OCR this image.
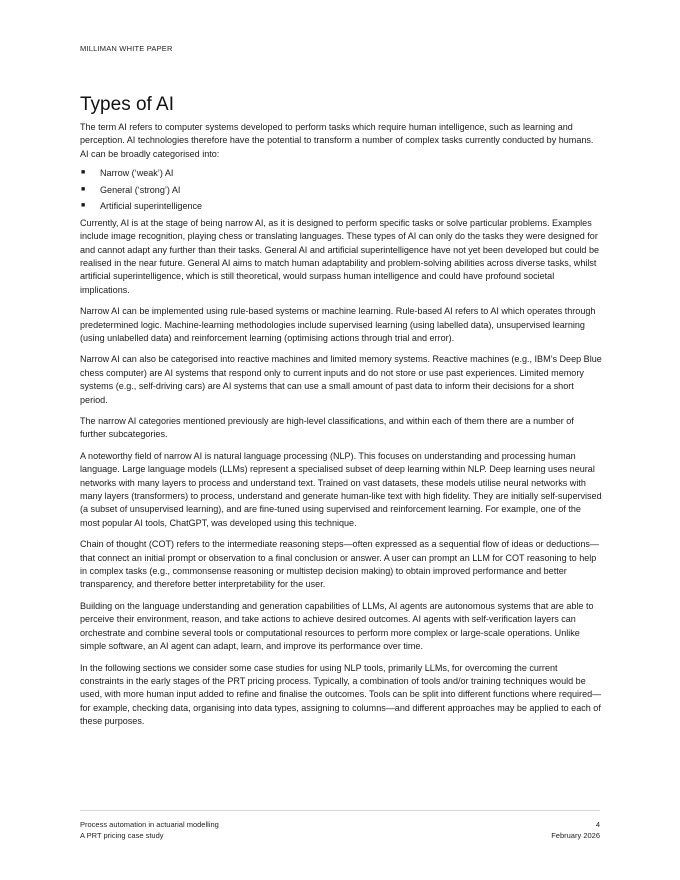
MILLIMAN WHITE PAPER
Types of AI

The term AI refers to computer systems developed to perform tasks which require human intelligence, such as learning and perception. AI technologies therefore have the potential to transform a number of complex tasks currently conducted by humans. AI can be broadly categorised into:

■ Narrow (‘weak’) AI
■ General (‘strong’) AI
■ Artificial superintelligence

Currently, AI is at the stage of being narrow AI, as it is designed to perform specific tasks or solve particular problems. Examples include image recognition, playing chess or translating languages. These types of AI can only do the tasks they were designed for and cannot adapt any further than their tasks. General AI and artificial superintelligence have not yet been developed but could be realised in the near future. General AI aims to match human adaptability and problem-solving abilities across diverse tasks, whilst artificial superintelligence, which is still theoretical, would surpass human intelligence and could have profound societal implications.

Narrow AI can be implemented using rule-based systems or machine learning. Rule-based AI refers to AI which operates through predetermined logic. Machine-learning methodologies include supervised learning (using labelled data), unsupervised learning (using unlabelled data) and reinforcement learning (optimising actions through trial and error).

Narrow AI can also be categorised into reactive machines and limited memory systems. Reactive machines (e.g., IBM’s Deep Blue chess computer) are AI systems that respond only to current inputs and do not store or use past experiences. Limited memory systems (e.g., self-driving cars) are AI systems that can use a small amount of past data to inform their decisions for a short period.

The narrow AI categories mentioned previously are high-level classifications, and within each of them there are a number of further subcategories.

A noteworthy field of narrow AI is natural language processing (NLP). This focuses on understanding and processing human language. Large language models (LLMs) represent a specialised subset of deep learning within NLP. Deep learning uses neural networks with many layers to process and understand text. Trained on vast datasets, these models utilise neural networks with many layers (transformers) to process, understand and generate human-like text with high fidelity. They are initially self-supervised (a subset of unsupervised learning), and are fine-tuned using supervised and reinforcement learning. For example, one of the most popular AI tools, ChatGPT, was developed using this technique.

Chain of thought (COT) refers to the intermediate reasoning steps—often expressed as a sequential flow of ideas or deductions—that connect an initial prompt or observation to a final conclusion or answer. A user can prompt an LLM for COT reasoning to help in complex tasks (e.g., commonsense reasoning or multistep decision making) to obtain improved performance and better transparency, and therefore better interpretability for the user.

Building on the language understanding and generation capabilities of LLMs, AI agents are autonomous systems that are able to perceive their environment, reason, and take actions to achieve desired outcomes. AI agents with self-verification layers can orchestrate and combine several tools or computational resources to perform more complex or large-scale operations. Unlike simple software, an AI agent can adapt, learn, and improve its performance over time.

In the following sections we consider some case studies for using NLP tools, primarily LLMs, for overcoming the current constraints in the early stages of the PRT pricing process. Typically, a combination of tools and/or training techniques would be used, with more human input added to refine and finalise the outcomes. Tools can be split into different functions where required—for example, checking data, organising into data types, assigning to columns—and different approaches may be applied to each of these purposes.

Process automation in actuarial modelling
A PRT pricing case study
4
February 2026
